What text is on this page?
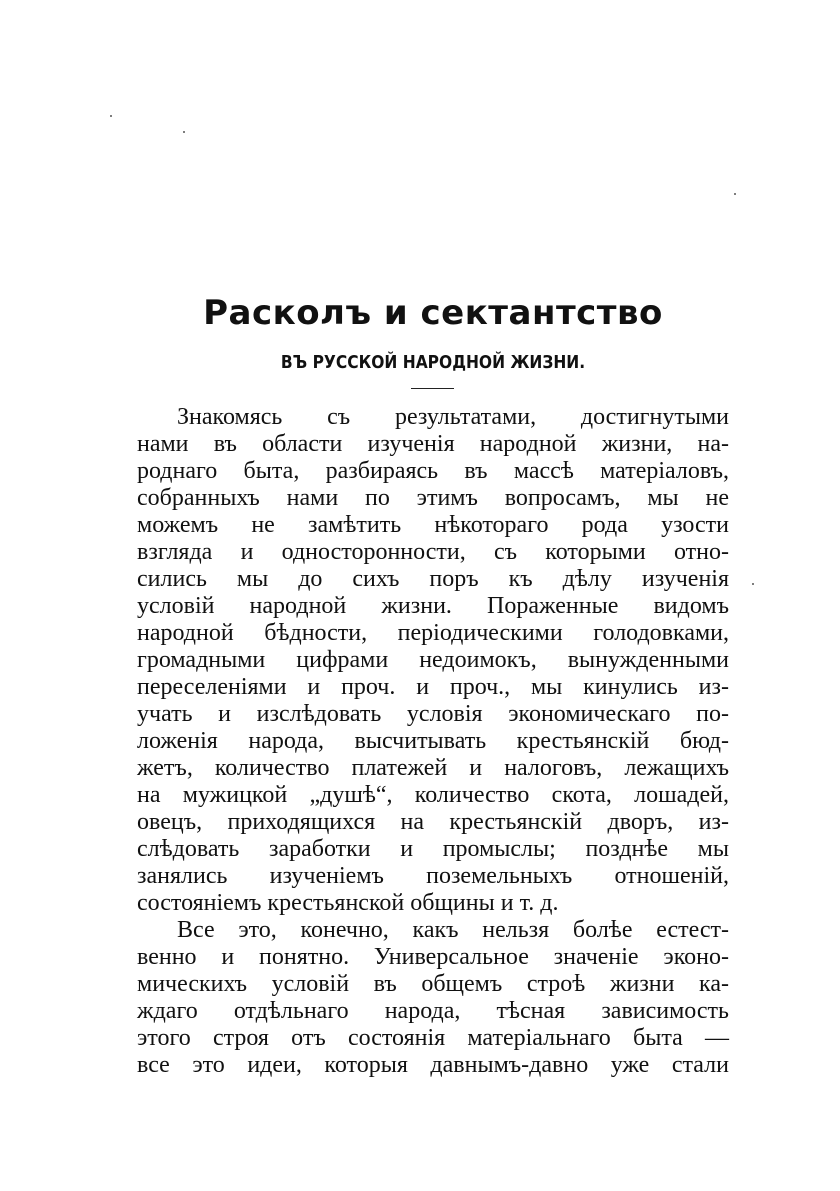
Расколъ и сектантство
ВЪ РУССКОЙ НАРОДНОЙ ЖИЗНИ.
Знакомясь съ результатами, достигнутыми
нами въ области изученія народной жизни, на-
роднаго быта, разбираясь въ массѣ матеріаловъ,
собранныхъ нами по этимъ вопросамъ, мы не
можемъ не замѣтить нѣкотораго рода узости
взгляда и односторонности, съ которыми отно-
сились мы до сихъ поръ къ дѣлу изученія
условій народной жизни. Пораженные видомъ
народной бѣдности, періодическими голодовками,
громадными цифрами недоимокъ, вынужденными
переселеніями и проч. и проч., мы кинулись из-
учать и изслѣдовать условія экономическаго по-
ложенія народа, высчитывать крестьянскій бюд-
жетъ, количество платежей и налоговъ, лежащихъ
на мужицкой „душѣ“, количество скота, лошадей,
овецъ, приходящихся на крестьянскій дворъ, из-
слѣдовать заработки и промыслы; позднѣе мы
занялись изученіемъ поземельныхъ отношеній,
состояніемъ крестьянской общины и т. д.
Все это, конечно, какъ нельзя болѣе естест-
венно и понятно. Универсальное значеніе эконо-
мическихъ условій въ общемъ строѣ жизни ка-
ждаго отдѣльнаго народа, тѣсная зависимость
этого строя отъ состоянія матеріальнаго быта —
все это идеи, которыя давнымъ-давно уже стали
